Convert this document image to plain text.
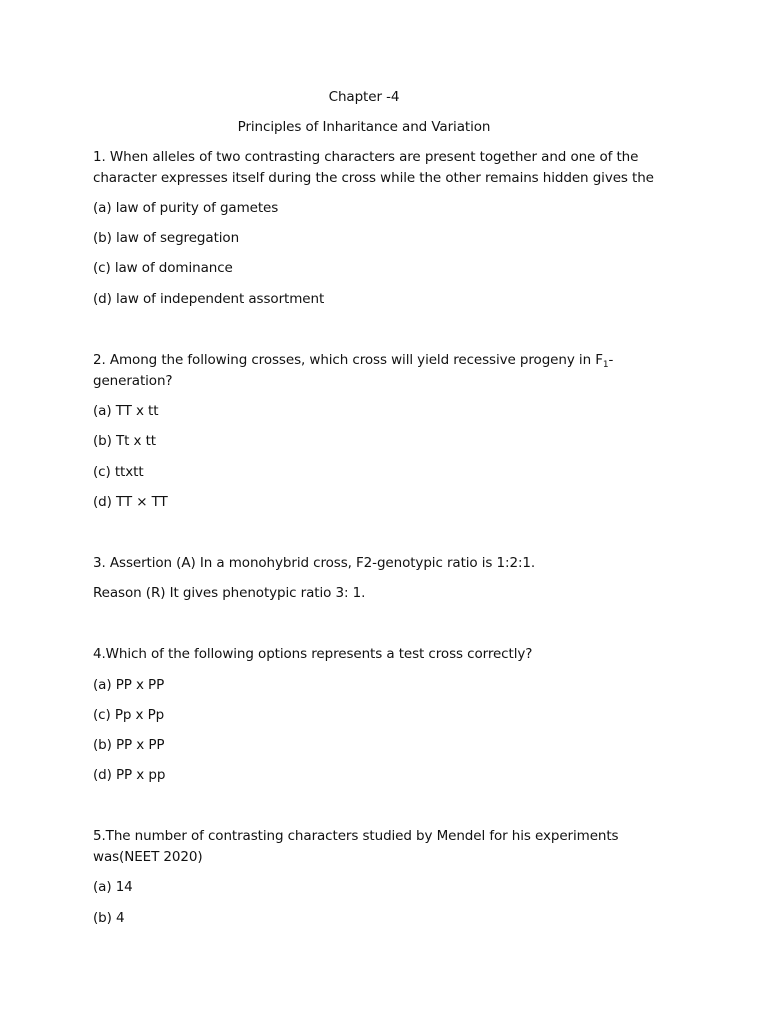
Chapter -4
Principles of Inharitance and Variation
1. When alleles of two contrasting characters are present together and one of the
character expresses itself during the cross while the other remains hidden gives the
(a) law of purity of gametes
(b) law of segregation
(c) law of dominance
(d) law of independent assortment
2. Among the following crosses, which cross will yield recessive progeny in $F_1-$
generation?
(a) TT x tt
(b) Tt x tt
(c) ttxtt
(d) TT × TT
3. Assertion (A) In a monohybrid cross, F2-genotypic ratio is 1:2:1.
Reason (R) It gives phenotypic ratio 3: 1.
4.Which of the following options represents a test cross correctly?
(a) PP x PP
(c) Pp x Pp
(b) PP x PP
(d) PP x pp
5.The number of contrasting characters studied by Mendel for his experiments
was(NEET 2020)
(a) 14
(b) 4
